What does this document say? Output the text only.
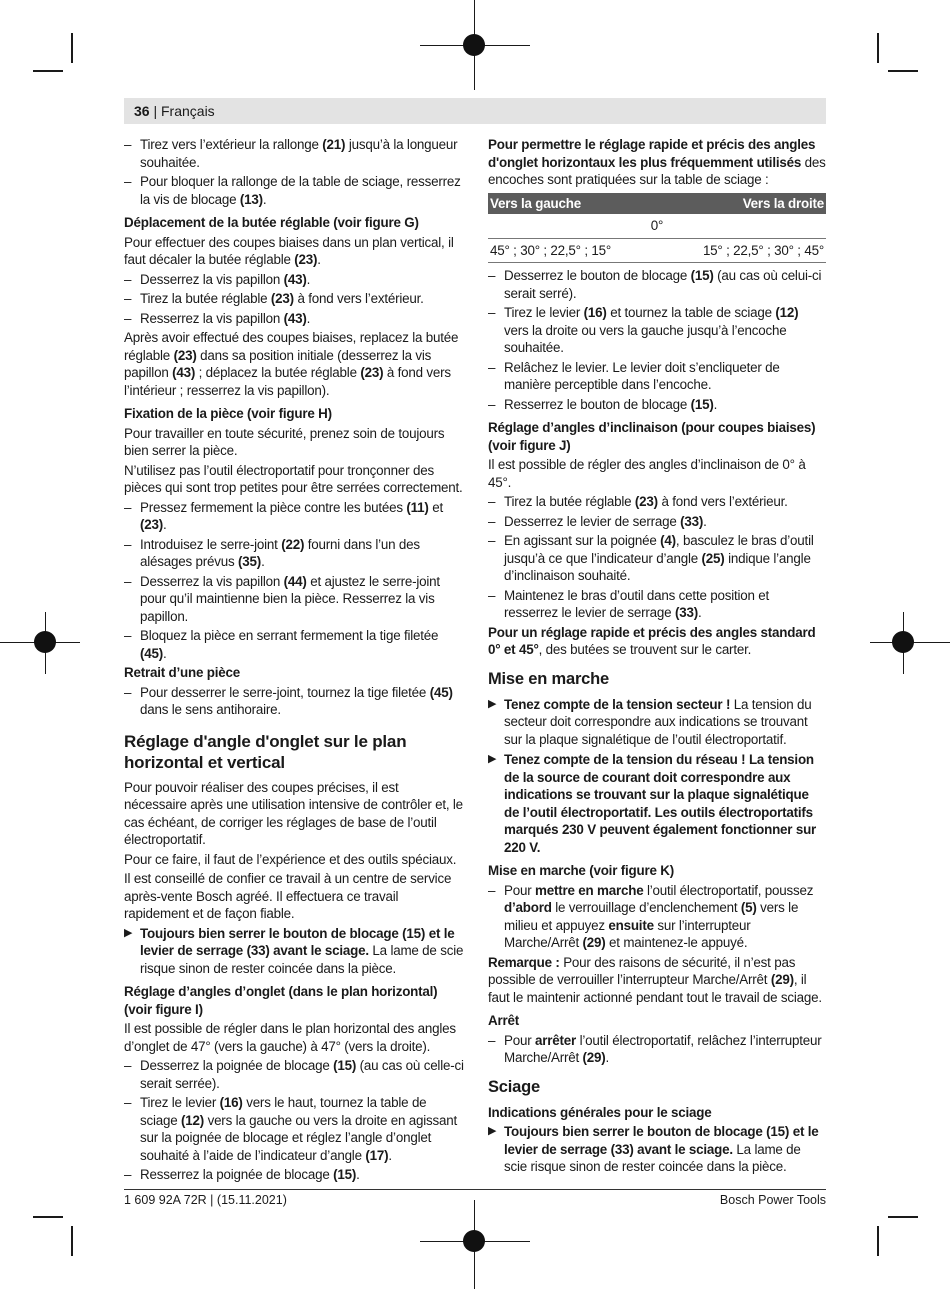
36 | Français
– Tirez vers l’extérieur la rallonge (21) jusqu’à la longueur souhaitée.
– Pour bloquer la rallonge de la table de sciage, resserrez la vis de blocage (13).
Déplacement de la butée réglable (voir figure G)

Pour effectuer des coupes biaises dans un plan vertical, il faut décaler la butée réglable (23).

– Desserrez la vis papillon (43).
– Tirez la butée réglable (23) à fond vers l’extérieur.
– Resserrez la vis papillon (43).

Après avoir effectué des coupes biaises, replacez la butée réglable (23) dans sa position initiale (desserrez la vis papillon (43) ; déplacez la butée réglable (23) à fond vers l’intérieur ; resserrez la vis papillon).

Fixation de la pièce (voir figure H)

Pour travailler en toute sécurité, prenez soin de toujours bien serrer la pièce.

N’utilisez pas l’outil électroportatif pour tronçonner des pièces qui sont trop petites pour être serrées correctement.

– Pressez fermement la pièce contre les butées (11) et (23).
– Introduisez le serre-joint (22) fourni dans l’un des alésages prévus (35).
– Desserrez la vis papillon (44) et ajustez le serre-joint pour qu’il maintienne bien la pièce. Resserrez la vis papillon.
– Bloquez la pièce en serrant fermement la tige filetée (45).
Retrait d’une pièce
– Pour desserrer le serre-joint, tournez la tige filetée (45) dans le sens antihoraire.
Réglage d'angle d'onglet sur le plan horizontal et vertical

Pour pouvoir réaliser des coupes précises, il est nécessaire après une utilisation intensive de contrôler et, le cas échéant, de corriger les réglages de base de l’outil électroportatif.

Pour ce faire, il faut de l’expérience et des outils spéciaux.

Il est conseillé de confier ce travail à un centre de service après-vente Bosch agréé. Il effectuera ce travail rapidement et de façon fiable.

▶ Toujours bien serrer le bouton de blocage (15) et le levier de serrage (33) avant le sciage. La lame de scie risque sinon de rester coincée dans la pièce.
Réglage d’angles d’onglet (dans le plan horizontal) (voir figure I)

Il est possible de régler dans le plan horizontal des angles d’onglet de 47° (vers la gauche) à 47° (vers la droite).

– Desserrez la poignée de blocage (15) (au cas où celle-ci serait serrée).
– Tirez le levier (16) vers le haut, tournez la table de sciage (12) vers la gauche ou vers la droite en agissant sur la poignée de blocage et réglez l’angle d’onglet souhaité à l’aide de l’indicateur d’angle (17).
– Resserrez la poignée de blocage (15).

Pour permettre le réglage rapide et précis des angles d'onglet horizontaux les plus fréquemment utilisés des encoches sont pratiquées sur la table de sciage :

Vers la gauche	Vers la droite
0°	
45° ; 30° ; 22,5° ; 15°	15° ; 22,5° ; 30° ; 45°
– Desserrez le bouton de blocage (15) (au cas où celui-ci serait serré).
– Tirez le levier (16) et tournez la table de sciage (12) vers la droite ou vers la gauche jusqu’à l’encoche souhaitée.
– Relâchez le levier. Le levier doit s’encliqueter de manière perceptible dans l’encoche.
– Resserrez le bouton de blocage (15).
Réglage d’angles d’inclinaison (pour coupes biaises) (voir figure J)

Il est possible de régler des angles d’inclinaison de 0° à 45°.

– Tirez la butée réglable (23) à fond vers l’extérieur.
– Desserrez le levier de serrage (33).
– En agissant sur la poignée (4), basculez le bras d’outil jusqu’à ce que l’indicateur d’angle (25) indique l’angle d’inclinaison souhaité.
– Maintenez le bras d’outil dans cette position et resserrez le levier de serrage (33).

Pour un réglage rapide et précis des angles standard 0° et 45°, des butées se trouvent sur le carter.

Mise en marche
▶ Tenez compte de la tension secteur ! La tension du secteur doit correspondre aux indications se trouvant sur la plaque signalétique de l’outil électroportatif.
▶ Tenez compte de la tension du réseau ! La tension de la source de courant doit correspondre aux indications se trouvant sur la plaque signalétique de l’outil électroportatif. Les outils électroportatifs marqués 230 V peuvent également fonctionner sur 220 V.
Mise en marche (voir figure K)
– Pour mettre en marche l’outil électroportatif, poussez d’abord le verrouillage d’enclenchement (5) vers le milieu et appuyez ensuite sur l’interrupteur Marche/Arrêt (29) et maintenez-le appuyé.

Remarque : Pour des raisons de sécurité, il n’est pas possible de verrouiller l’interrupteur Marche/Arrêt (29), il faut le maintenir actionné pendant tout le travail de sciage.

Arrêt
– Pour arrêter l’outil électroportatif, relâchez l’interrupteur Marche/Arrêt (29).
Sciage
Indications générales pour le sciage
▶ Toujours bien serrer le bouton de blocage (15) et le levier de serrage (33) avant le sciage. La lame de scie risque sinon de rester coincée dans la pièce.
1 609 92A 72R | (15.11.2021)	Bosch Power Tools
